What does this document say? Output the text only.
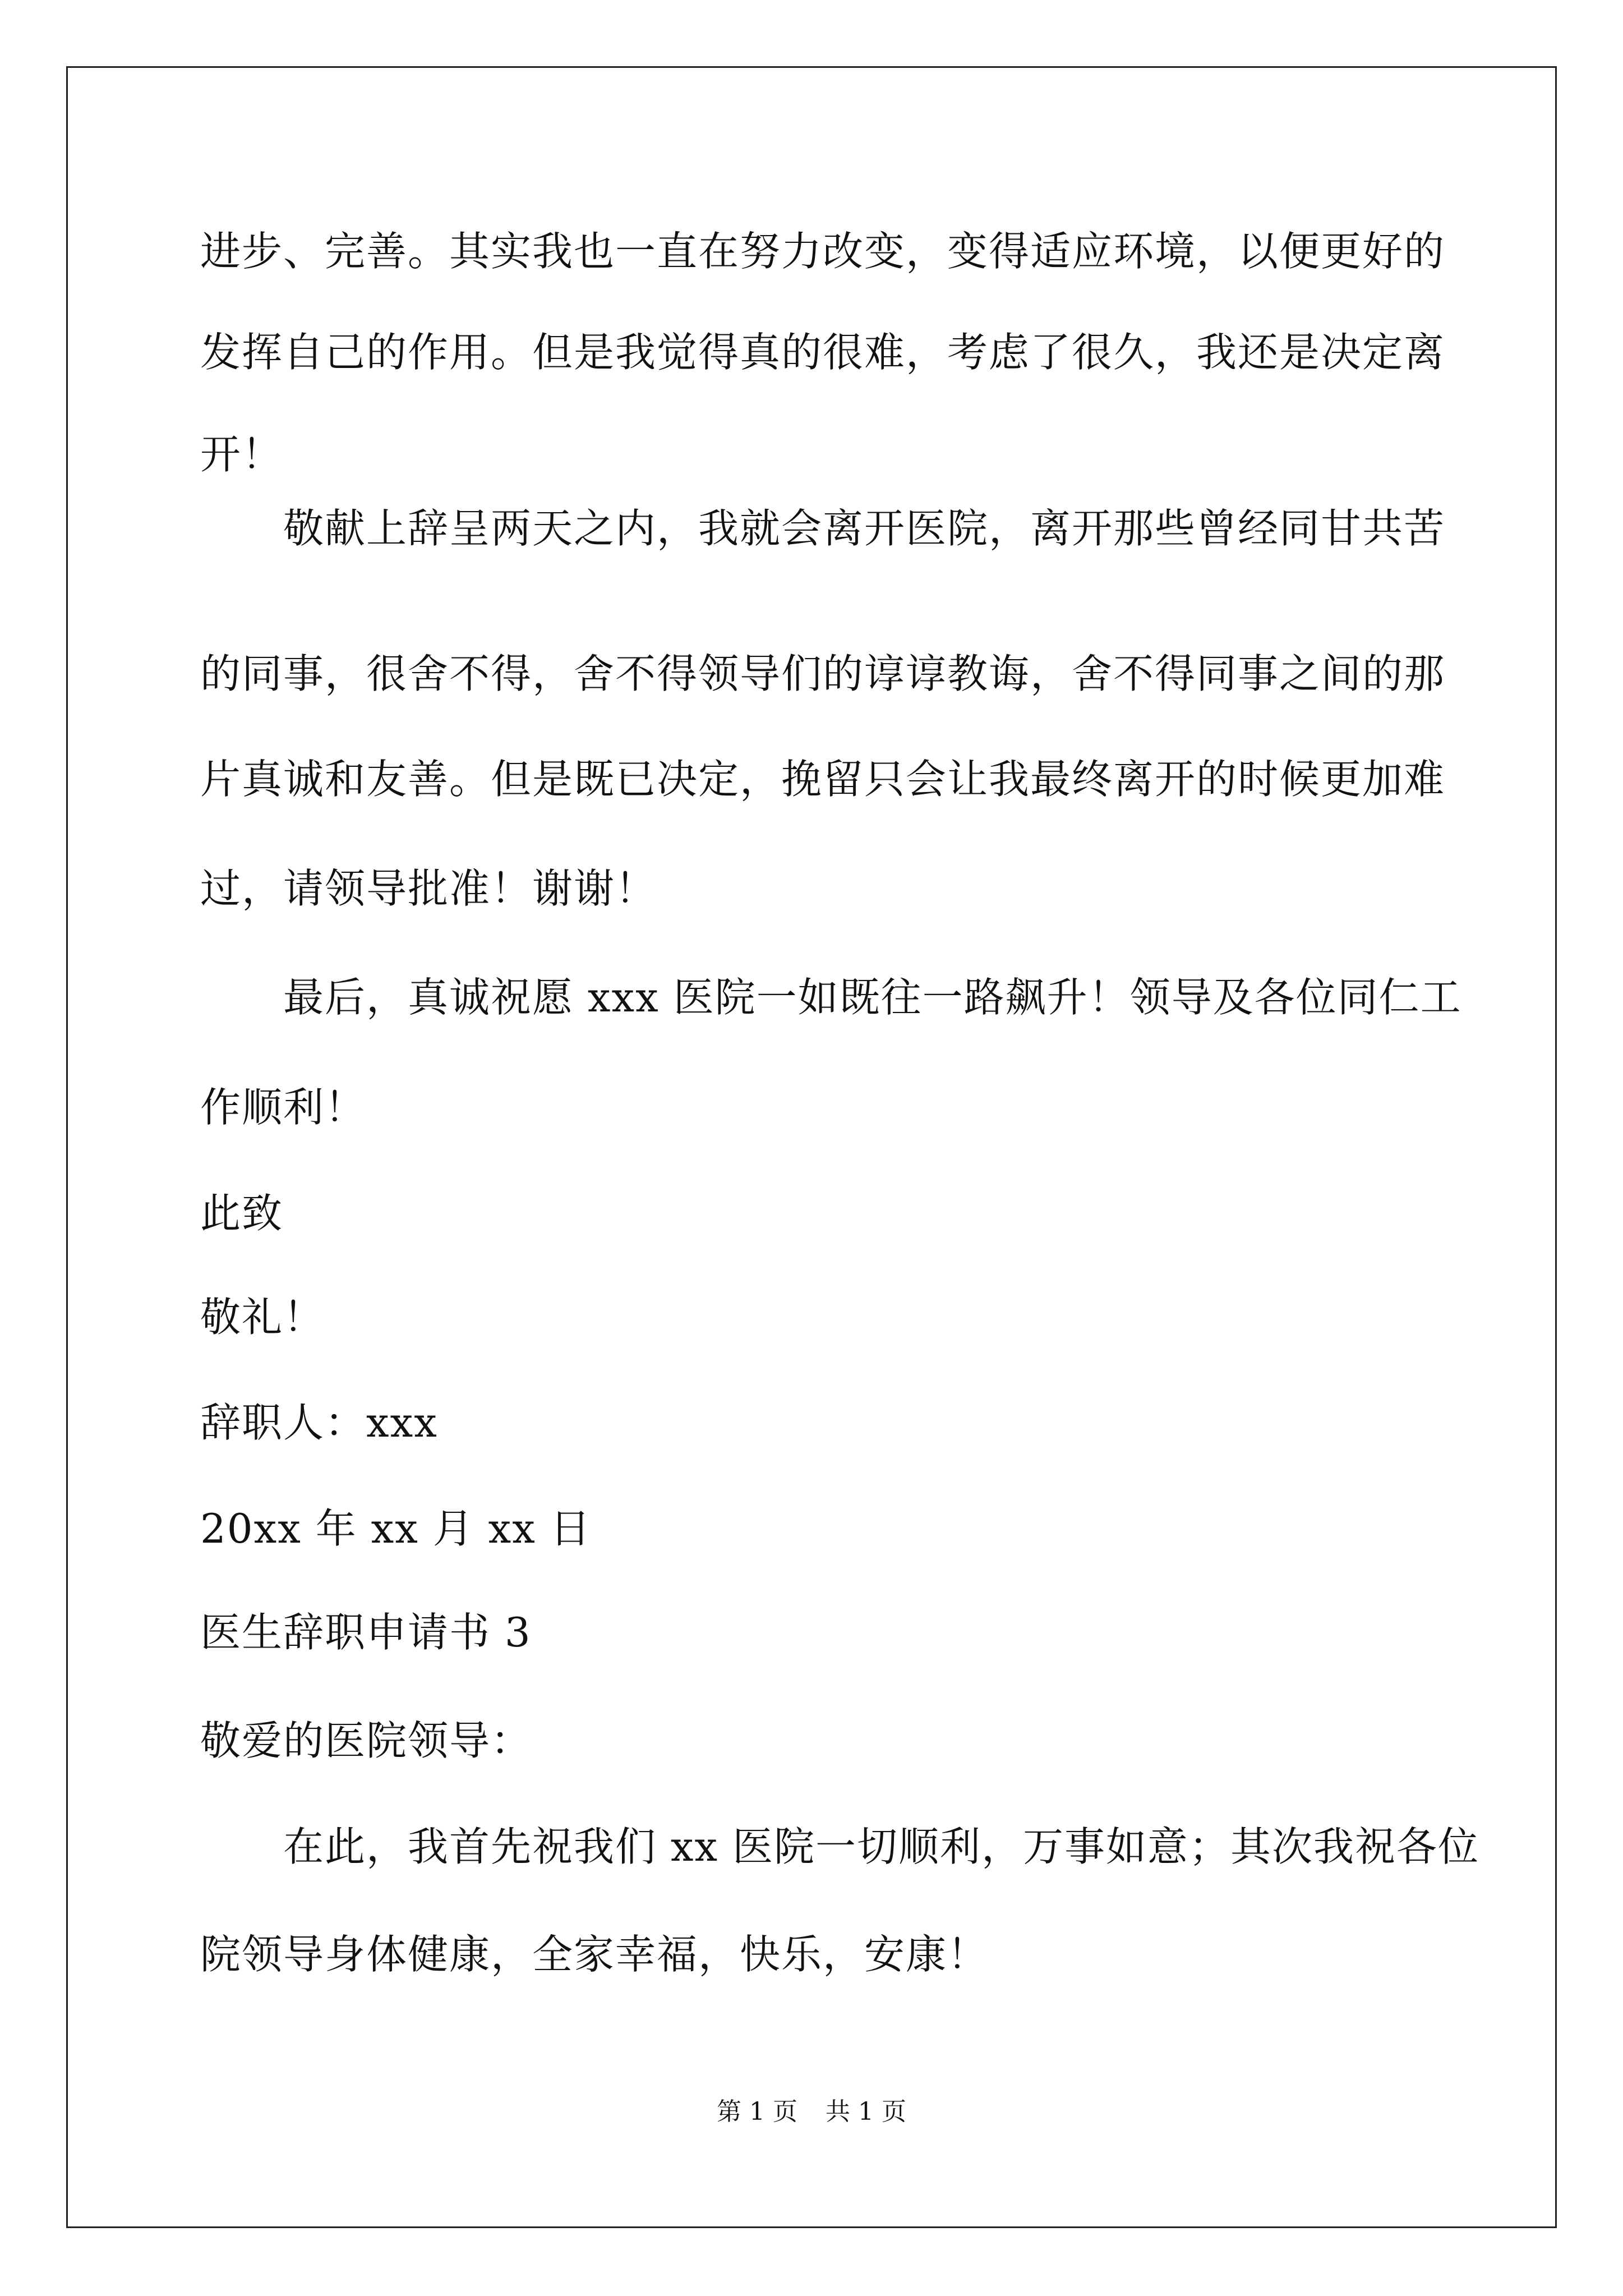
进步、完善。其实我也一直在努力改变，变得适应环境，以便更好的
发挥自己的作用。但是我觉得真的很难，考虑了很久，我还是决定离
开！
敬献上辞呈两天之内，我就会离开医院，离开那些曾经同甘共苦
的同事，很舍不得，舍不得领导们的谆谆教诲，舍不得同事之间的那
片真诚和友善。但是既已决定，挽留只会让我最终离开的时候更加难
过，请领导批准！谢谢！
最后，真诚祝愿 xxx 医院一如既往一路飙升！领导及各位同仁工
作顺利！
此致
敬礼！
辞职人：xxx
20xx 年 xx 月 xx 日
医生辞职申请书 3
敬爱的医院领导：
在此，我首先祝我们 xx 医院一切顺利，万事如意；其次我祝各位
院领导身体健康，全家幸福，快乐，安康！
第 1 页 共 1 页
